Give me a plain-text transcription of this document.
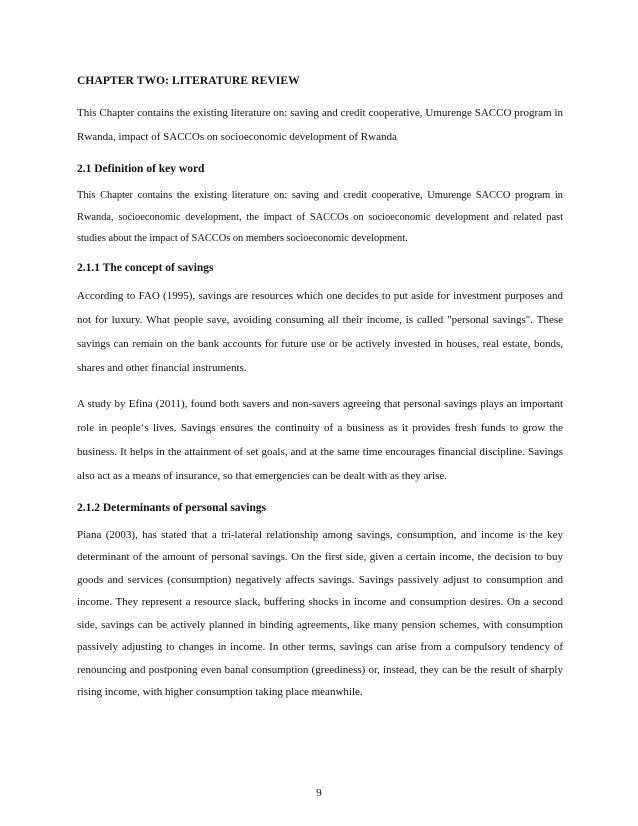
CHAPTER TWO: LITERATURE REVIEW

This Chapter contains the existing literature on: saving and credit cooperative, Umurenge SACCO program in Rwanda, impact of SACCOs on socioeconomic development of Rwanda

2.1 Definition of key word

This Chapter contains the existing literature on: saving and credit cooperative, Umurenge SACCO program in Rwanda, socioeconomic development, the impact of SACCOs on socioeconomic development and related past studies about the impact of SACCOs on members socioeconomic development.

2.1.1 The concept of savings

According to FAO (1995), savings are resources which one decides to put aside for investment purposes and not for luxury. What people save, avoiding consuming all their income, is called "personal savings". These savings can remain on the bank accounts for future use or be actively invested in houses, real estate, bonds, shares and other financial instruments.

A study by Efina (2011), found both savers and non-savers agreeing that personal savings plays an important role in people‘s lives. Savings ensures the continuity of a business as it provides fresh funds to grow the business. It helps in the attainment of set goals, and at the same time encourages financial discipline. Savings also act as a means of insurance, so that emergencies can be dealt with as they arise.

2.1.2 Determinants of personal savings

Piana (2003), has stated that a tri-lateral relationship among savings, consumption, and income is the key determinant of the amount of personal savings. On the first side, given a certain income, the decision to buy goods and services (consumption) negatively affects savings. Savings passively adjust to consumption and income. They represent a resource slack, buffering shocks in income and consumption desires. On a second side, savings can be actively planned in binding agreements, like many pension schemes, with consumption passively adjusting to changes in income. In other terms, savings can arise from a compulsory tendency of renouncing and postponing even banal consumption (greediness) or, instead, they can be the result of sharply rising income, with higher consumption taking place meanwhile.

9
